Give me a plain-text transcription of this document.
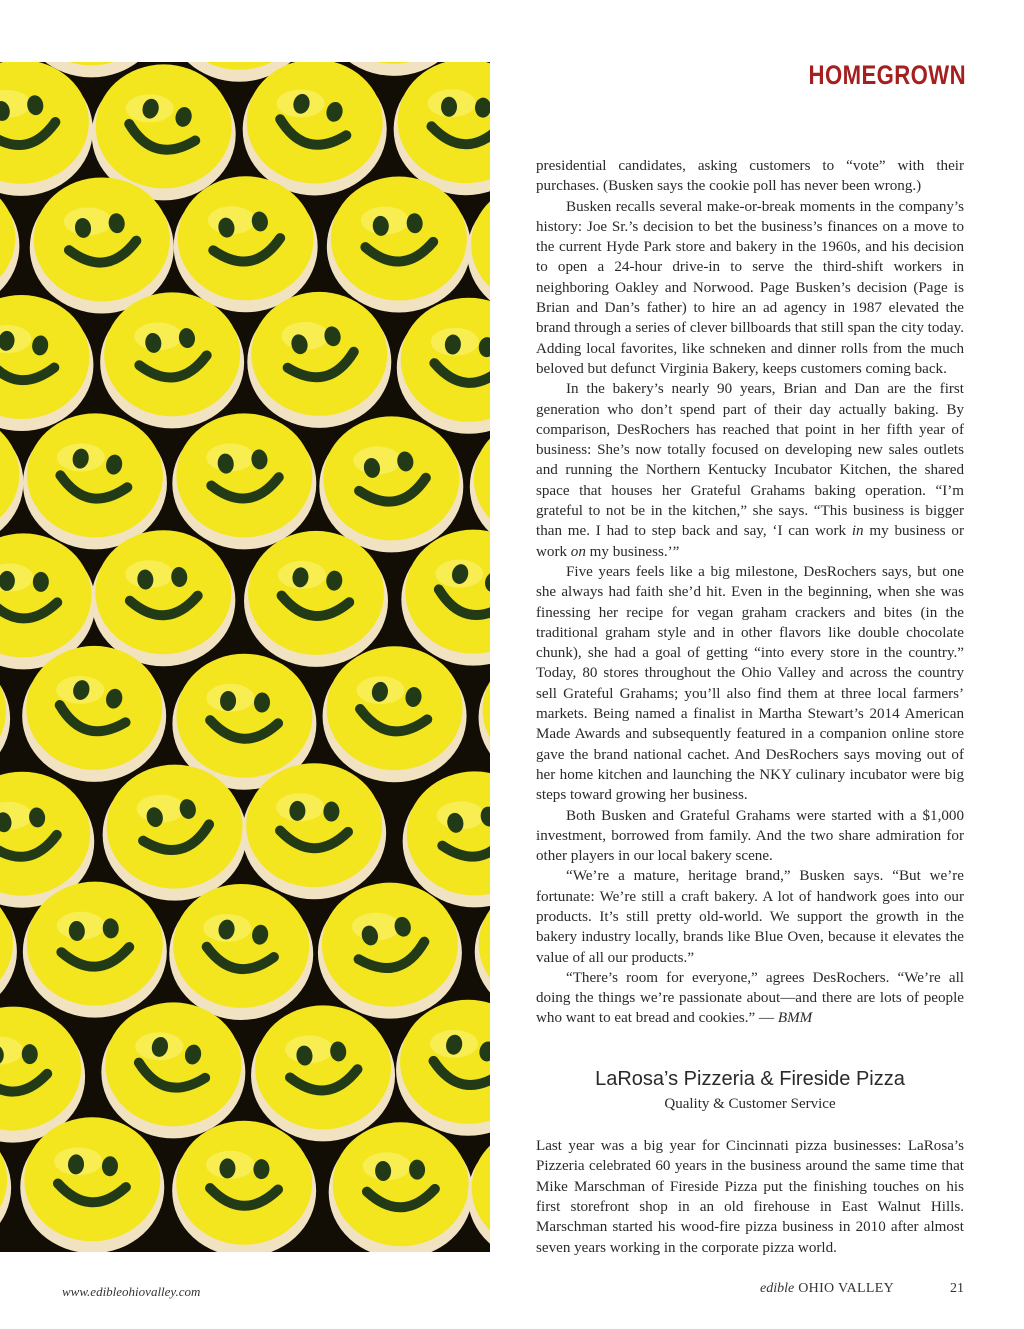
HOMEGROWN

presidential candidates, asking customers to “vote” with their purchases. (Busken says the cookie poll has never been wrong.)

Busken recalls several make-or-break moments in the company’s history: Joe Sr.’s decision to bet the business’s finances on a move to the current Hyde Park store and bakery in the 1960s, and his decision to open a 24-hour drive-in to serve the third-shift workers in neighboring Oakley and Norwood. Page Busken’s decision (Page is Brian and Dan’s father) to hire an ad agency in 1987 elevated the brand through a series of clever billboards that still span the city today. Adding local favorites, like schneken and dinner rolls from the much beloved but defunct Virginia Bakery, keeps customers coming back.

In the bakery’s nearly 90 years, Brian and Dan are the first generation who don’t spend part of their day actually baking. By comparison, DesRochers has reached that point in her fifth year of business: She’s now totally focused on developing new sales outlets and running the Northern Kentucky Incubator Kitchen, the shared space that houses her Grateful Grahams baking operation. “I’m grateful to not be in the kitchen,” she says. “This business is bigger than me. I had to step back and say, ‘I can work in my business or work on my business.’”

Five years feels like a big milestone, DesRochers says, but one she always had faith she’d hit. Even in the beginning, when she was finessing her recipe for vegan graham crackers and bites (in the traditional graham style and in other flavors like double chocolate chunk), she had a goal of getting “into every store in the country.” Today, 80 stores throughout the Ohio Valley and across the country sell Grateful Grahams; you’ll also find them at three local farmers’ markets. Being named a finalist in Martha Stewart’s 2014 American Made Awards and subsequently featured in a companion online store gave the brand national cachet. And DesRochers says moving out of her home kitchen and launching the NKY culinary incubator were big steps toward growing her business.

Both Busken and Grateful Grahams were started with a $1,000 investment, borrowed from family. And the two share admiration for other players in our local bakery scene.

“We’re a mature, heritage brand,” Busken says. “But we’re fortunate: We’re still a craft bakery. A lot of handwork goes into our products. It’s still pretty old-world. We support the growth in the bakery industry locally, brands like Blue Oven, because it elevates the value of all our products.”

“There’s room for everyone,” agrees DesRochers. “We’re all doing the things we’re passionate about—and there are lots of people who want to eat bread and cookies.” — BMM

LaRosa’s Pizzeria & Fireside Pizza
Quality & Customer Service

Last year was a big year for Cincinnati pizza businesses: LaRosa’s Pizzeria celebrated 60 years in the business around the same time that Mike Marschman of Fireside Pizza put the finishing touches on his first storefront shop in an old firehouse in East Walnut Hills. Marschman started his wood-fire pizza business in 2010 after almost seven years working in the corporate pizza world.

www.edibleohiovalley.com	edible OHIO VALLEY	21
